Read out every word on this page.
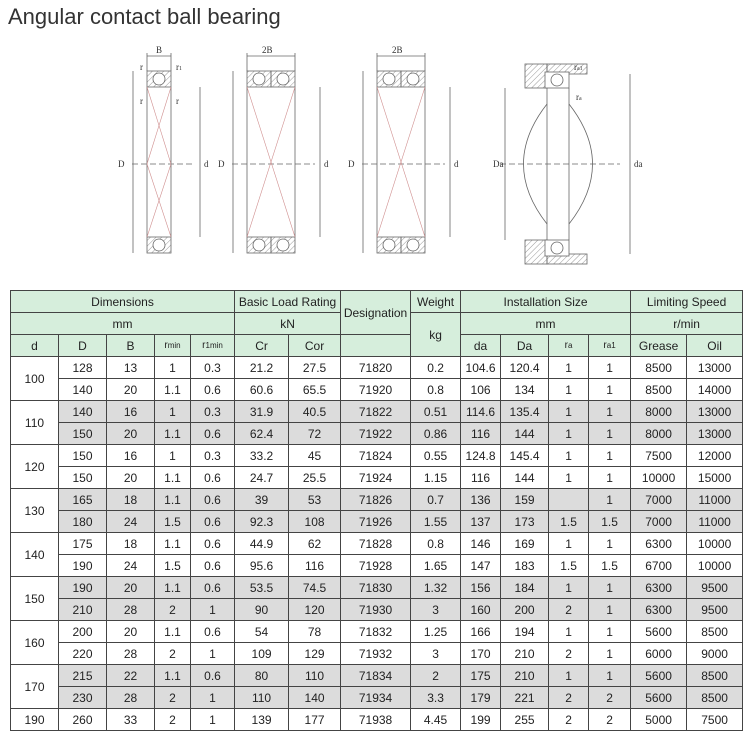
Angular contact ball bearing
B	2B	2B
r	r1
r	r
D	d D	d D	d	Da	da
ra1
ra
Dimensions					Basic Load Rating		Designation	Weight	Installation Size				Limiting Speed	
mm					kN			kg	mm				r/min	
d	D	B	rmin	r1min	Cr	Cor			da	Da	ra	ra1	Grease	Oil
100	128	13	1	0.3	21.2	27.5	71820	0.2	104.6	120.4	1	1	8500	13000
	140	20	1.1	0.6	60.6	65.5	71920	0.8	106	134	1	1	8500	14000
110	140	16	1	0.3	31.9	40.5	71822	0.51	114.6	135.4	1	1	8000	13000
	150	20	1.1	0.6	62.4	72	71922	0.86	116	144	1	1	8000	13000
120	150	16	1	0.3	33.2	45	71824	0.55	124.8	145.4	1	1	7500	12000
	150	20	1.1	0.6	24.7	25.5	71924	1.15	116	144	1	1	10000	15000
130	165	18	1.1	0.6	39	53	71826	0.7	136	159		1	7000	11000
	180	24	1.5	0.6	92.3	108	71926	1.55	137	173	1.5	1.5	7000	11000
140	175	18	1.1	0.6	44.9	62	71828	0.8	146	169	1	1	6300	10000
	190	24	1.5	0.6	95.6	116	71928	1.65	147	183	1.5	1.5	6700	10000
150	190	20	1.1	0.6	53.5	74.5	71830	1.32	156	184	1	1	6300	9500
	210	28	2	1	90	120	71930	3	160	200	2	1	6300	9500
160	200	20	1.1	0.6	54	78	71832	1.25	166	194	1	1	5600	8500
	220	28	2	1	109	129	71932	3	170	210	2	1	6000	9000
170	215	22	1.1	0.6	80	110	71834	2	175	210	1	1	5600	8500
	230	28	2	1	110	140	71934	3.3	179	221	2	2	5600	8500
190	260	33	2	1	139	177	71938	4.45	199	255	2	2	5000	7500
